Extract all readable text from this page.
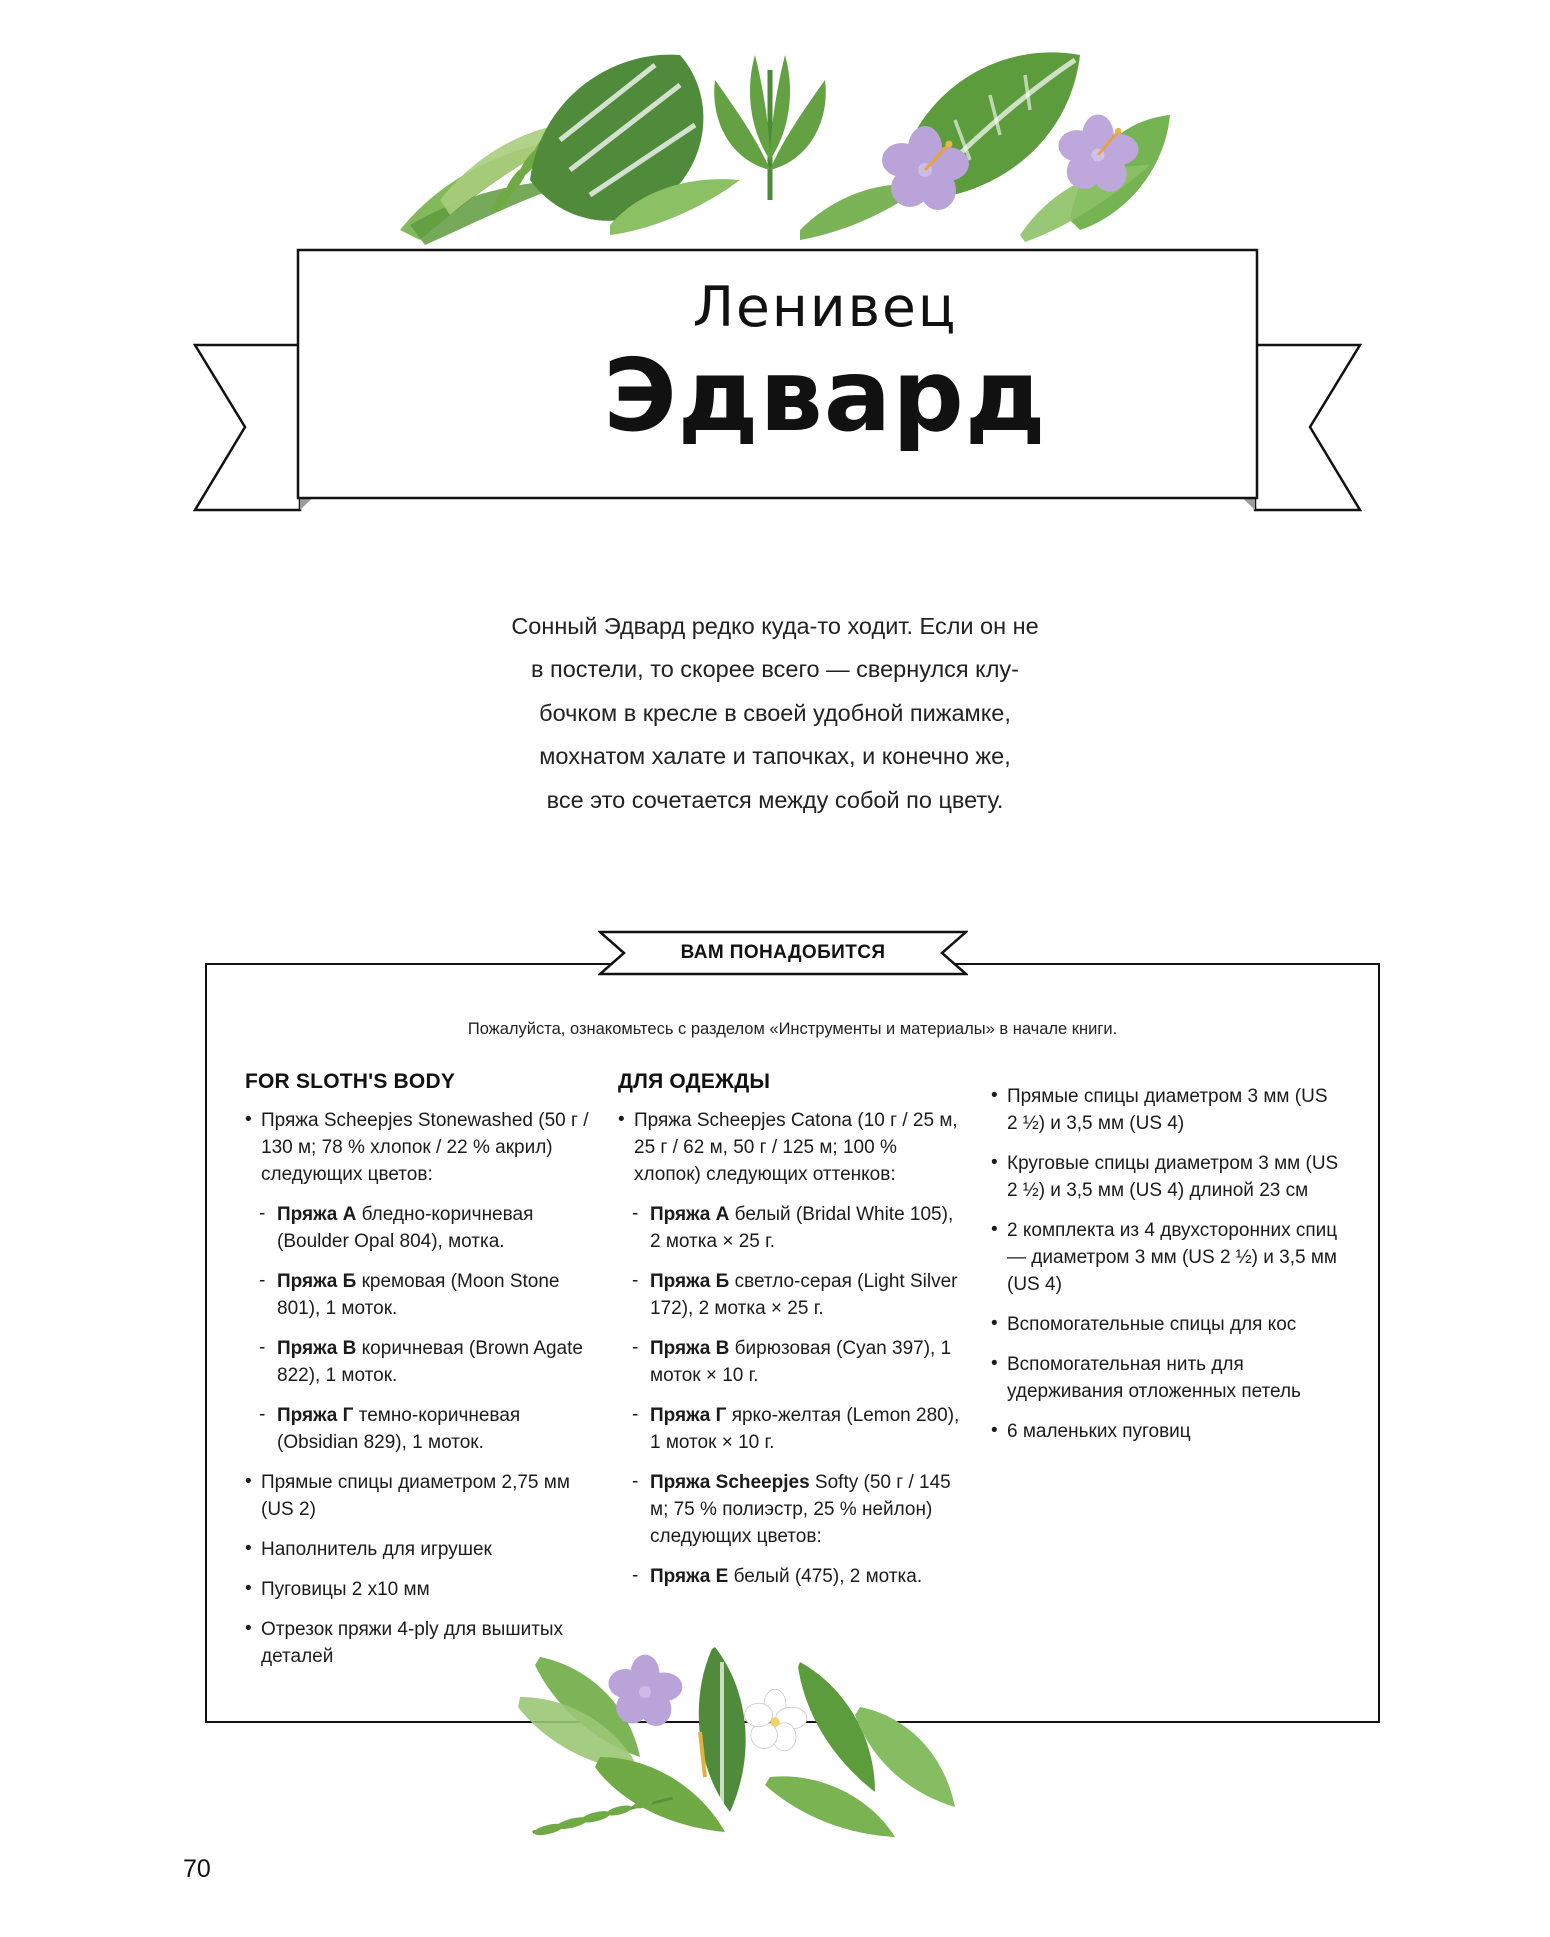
Ленивец
Эдвард
Сонный Эдвард редко куда-то ходит. Если он не
в постели, то скорее всего — свернулся клу-
бочком в кресле в своей удобной пижамке,
мохнатом халате и тапочках, и конечно же,
все это сочетается между собой по цвету.
ВАМ ПОНАДОБИТСЯ
Пожалуйста, ознакомьтесь с разделом «Инструменты и материалы» в начале книги.
FOR SLOTH'S BODY
• Пряжа Scheepjes Stonewashed (50 г / 130 м; 78 % хлопок / 22 % акрил) следующих цветов:
- Пряжа А бледно-коричневая (Boulder Opal 804), мотка.
- Пряжа Б кремовая (Moon Stone 801), 1 моток.
- Пряжа В коричневая (Brown Agate 822), 1 моток.
- Пряжа Г темно-коричневая (Obsidian 829), 1 моток.
• Прямые спицы диаметром 2,75 мм (US 2)
• Наполнитель для игрушек
• Пуговицы 2 х10 мм
• Отрезок пряжи 4-ply для вышитых деталей
ДЛЯ ОДЕЖДЫ
• Пряжа Scheepjes Catona (10 г / 25 м, 25 г / 62 м, 50 г / 125 м; 100 % хлопок) следующих оттенков:
- Пряжа А белый (Bridal White 105), 2 мотка × 25 г.
- Пряжа Б светло-серая (Light Silver 172), 2 мотка × 25 г.
- Пряжа В бирюзовая (Cyan 397), 1 моток × 10 г.
- Пряжа Г ярко-желтая (Lemon 280), 1 моток × 10 г.
- Пряжа Scheepjes Softy (50 г / 145 м; 75 % полиэстр, 25 % нейлон) следующих цветов:
- Пряжа Е белый (475), 2 мотка.
• Прямые спицы диаметром 3 мм (US 2 ½) и 3,5 мм (US 4)
• Круговые спицы диаметром 3 мм (US 2 ½) и 3,5 мм (US 4) длиной 23 см
• 2 комплекта из 4 двухсторонних спиц — диаметром 3 мм (US 2 ½) и 3,5 мм (US 4)
• Вспомогательные спицы для кос
• Вспомогательная нить для удерживания отложенных петель
• 6 маленьких пуговиц
70
